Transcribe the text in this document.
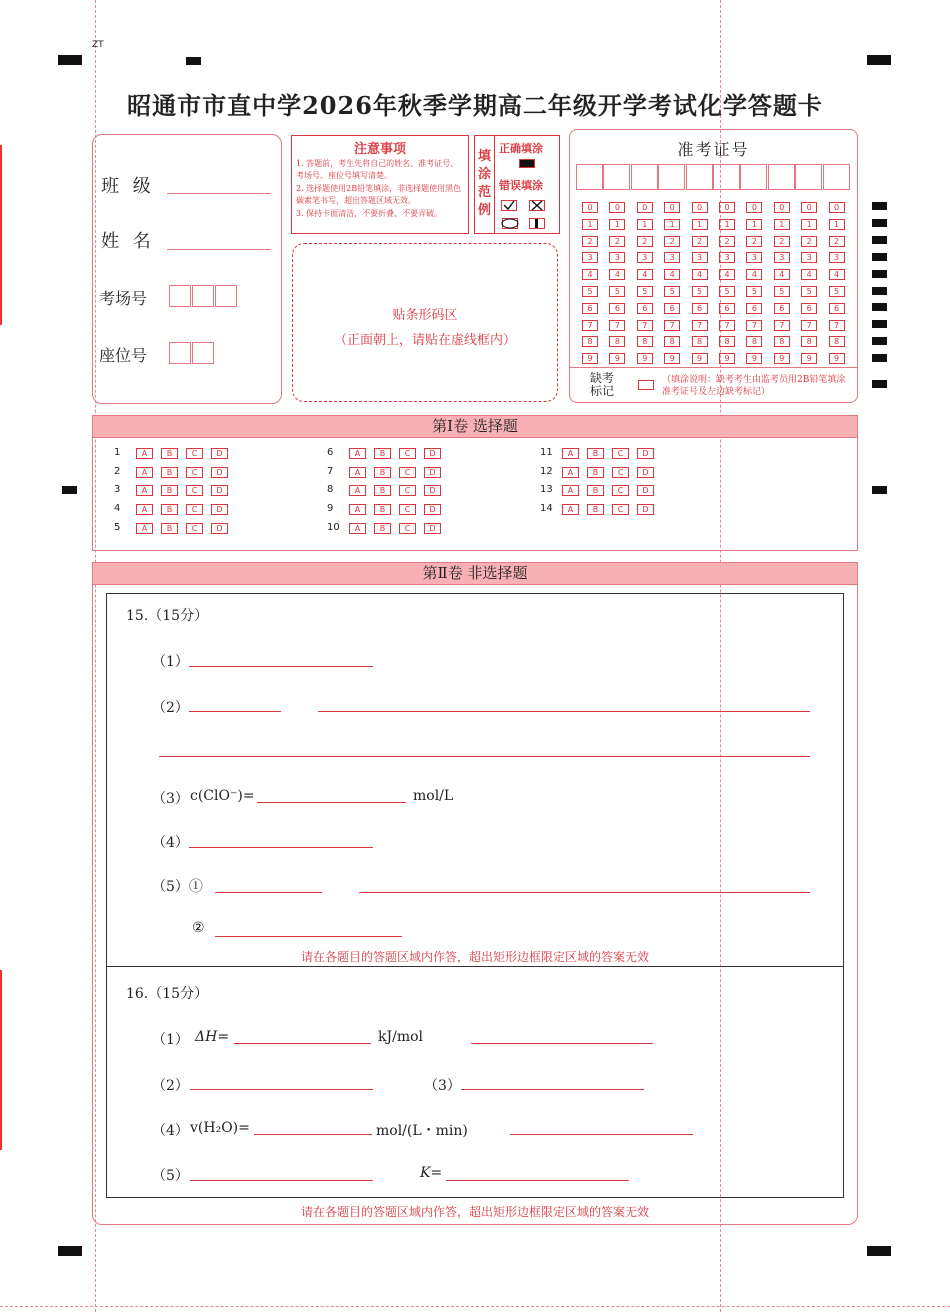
ZT
昭通市市直中学2026年秋季学期高二年级开学考试化学答题卡
班 级
姓 名
考场号
座位号
注意事项

1. 答题前，考生先将自己的姓名、准考证号、考场号、座位号填写清楚。

2. 选择题使用2B铅笔填涂，非选择题使用黑色碳素笔书写，超出答题区域无效。

3. 保持卡面清洁，不要折叠、不要弄破。

填
涂
范
例
正确填涂
错误填涂
贴条形码区
（正面朝上，请贴在虚线框内）
准考证号
缺考
标记
（填涂说明：缺考考生由监考员用2B铅笔填涂准考证号及左边缺考标记）
0	0	0	0	0	0	0	0	0	0
1	1	1	1	1	1	1	1	1	1
2	2	2	2	2	2	2	2	2	2
3	3	3	3	3	3	3	3	3	3
4	4	4	4	4	4	4	4	4	4
5	5	5	5	5	5	5	5	5	5
6	6	6	6	6	6	6	6	6	6
7	7	7	7	7	7	7	7	7	7
8	8	8	8	8	8	8	8	8	8
9	9	9	9	9	9	9	9	9	9
第Ⅰ卷 选择题
1	A	B	C	D
2	A	B	C	D
3	A	B	C	D
4	A	B	C	D
5	A	B	C	D
6	A	B	C	D
7	A	B	C	D
8	A	B	C	D
9	A	B	C	D
10	A	B	C	D
11	A	B	C	D
12	A	B	C	D
13	A	B	C	D
14	A	B	C	D
第Ⅱ卷 非选择题
15.（15分）
（1）
（2）
（3） c(ClO⁻)=	mol/L
（4）
（5）①
②
请在各题目的答题区域内作答，超出矩形边框限定区域的答案无效
16.（15分）
（1） ΔH=	kJ/mol
（2）	（3）
（4） v(H₂O)=	mol/(L・min)
（5）	K=
请在各题目的答题区域内作答，超出矩形边框限定区域的答案无效
